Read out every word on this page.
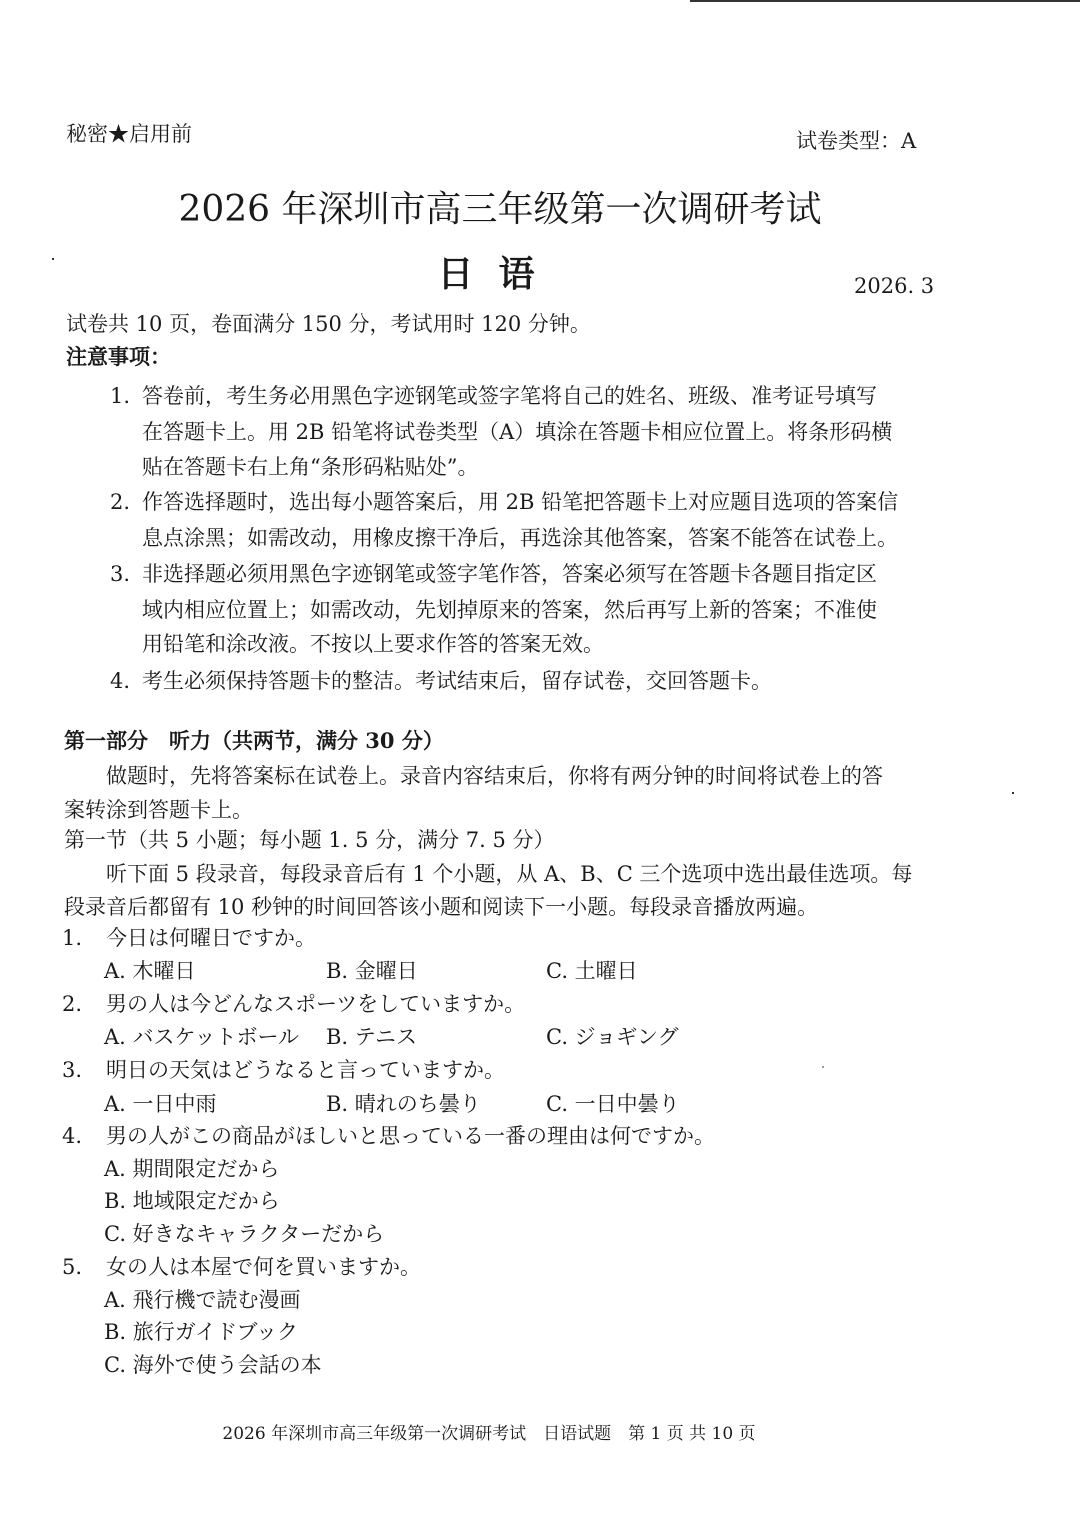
秘密★启用前	试卷类型：A
2026 年深圳市高三年级第一次调研考试
日  语	2026. 3
试卷共 10 页，卷面满分 150 分，考试用时 120 分钟。
注意事项：
1. 答卷前，考生务必用黑色字迹钢笔或签字笔将自己的姓名、班级、准考证号填写
在答题卡上。用 2B 铅笔将试卷类型（A）填涂在答题卡相应位置上。将条形码横
贴在答题卡右上角“条形码粘贴处”。
2. 作答选择题时，选出每小题答案后，用 2B 铅笔把答题卡上对应题目选项的答案信
息点涂黑；如需改动，用橡皮擦干净后，再选涂其他答案，答案不能答在试卷上。
3. 非选择题必须用黑色字迹钢笔或签字笔作答，答案必须写在答题卡各题目指定区
域内相应位置上；如需改动，先划掉原来的答案，然后再写上新的答案；不准使
用铅笔和涂改液。不按以上要求作答的答案无效。
4. 考生必须保持答题卡的整洁。考试结束后，留存试卷，交回答题卡。
第一部分　听力（共两节，满分 30 分）
做题时，先将答案标在试卷上。录音内容结束后，你将有两分钟的时间将试卷上的答
案转涂到答题卡上。
第一节（共 5 小题；每小题 1. 5 分，满分 7. 5 分）
听下面 5 段录音，每段录音后有 1 个小题，从 A、B、C 三个选项中选出最佳选项。每
段录音后都留有 10 秒钟的时间回答该小题和阅读下一小题。每段录音播放两遍。
1. 今日は何曜日ですか。
A. 木曜日	B. 金曜日	C. 土曜日
2. 男の人は今どんなスポーツをしていますか。
A. バスケットボール B. テニス	C. ジョギング
3. 明日の天気はどうなると言っていますか。
A. 一日中雨	B. 晴れのち曇り	C. 一日中曇り
4. 男の人がこの商品がほしいと思っている一番の理由は何ですか。
A. 期間限定だから
B. 地域限定だから
C. 好きなキャラクターだから
5. 女の人は本屋で何を買いますか。
A. 飛行機で読む漫画
B. 旅行ガイドブック
C. 海外で使う会話の本
2026 年深圳市高三年级第一次调研考试　日语试题　第 1 页 共 10 页
